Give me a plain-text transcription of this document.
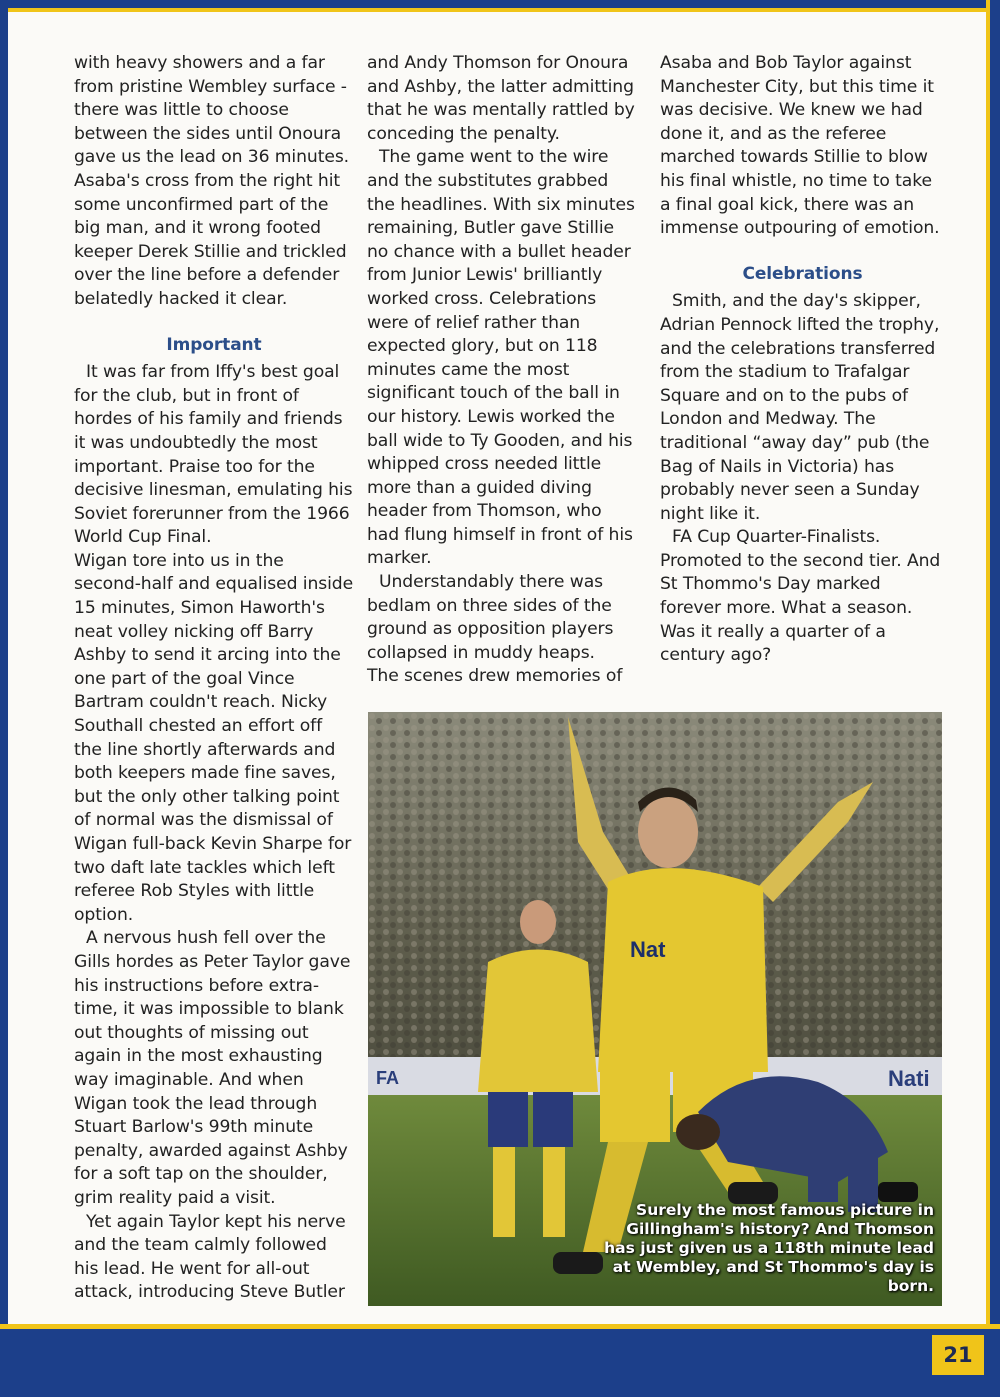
with heavy showers and a far from pristine Wembley surface - there was little to choose between the sides until Onoura gave us the lead on 36 minutes. Asaba's cross from the right hit some unconfirmed part of the big man, and it wrong footed keeper Derek Stillie and trickled over the line before a defender belatedly hacked it clear.

Important

It was far from Iffy's best goal for the club, but in front of hordes of his family and friends it was undoubtedly the most important. Praise too for the decisive linesman, emulating his Soviet forerunner from the 1966 World Cup Final.

Wigan tore into us in the second-half and equalised inside 15 minutes, Simon Haworth's neat volley nicking off Barry Ashby to send it arcing into the one part of the goal Vince Bartram couldn't reach. Nicky Southall chested an effort off the line shortly afterwards and both keepers made fine saves, but the only other talking point of normal was the dismissal of Wigan full-back Kevin Sharpe for two daft late tackles which left referee Rob Styles with little option.

A nervous hush fell over the Gills hordes as Peter Taylor gave his instructions before extra-time, it was impossible to blank out thoughts of missing out again in the most exhausting way imaginable. And when Wigan took the lead through Stuart Barlow's 99th minute penalty, awarded against Ashby for a soft tap on the shoulder, grim reality paid a visit.

Yet again Taylor kept his nerve and the team calmly followed his lead. He went for all-out attack, introducing Steve Butler

and Andy Thomson for Onoura and Ashby, the latter admitting that he was mentally rattled by conceding the penalty.

The game went to the wire and the substitutes grabbed the headlines. With six minutes remaining, Butler gave Stillie no chance with a bullet header from Junior Lewis' brilliantly worked cross. Celebrations were of relief rather than expected glory, but on 118 minutes came the most significant touch of the ball in our history. Lewis worked the ball wide to Ty Gooden, and his whipped cross needed little more than a guided diving header from Thomson, who had flung himself in front of his marker.

Understandably there was bedlam on three sides of the ground as opposition players collapsed in muddy heaps.

The scenes drew memories of

Asaba and Bob Taylor against Manchester City, but this time it was decisive. We knew we had done it, and as the referee marched towards Stillie to blow his final whistle, no time to take a final goal kick, there was an immense outpouring of emotion.

Celebrations

Smith, and the day's skipper, Adrian Pennock lifted the trophy, and the celebrations transferred from the stadium to Trafalgar Square and on to the pubs of London and Medway. The traditional “away day” pub (the Bag of Nails in Victoria) has probably never seen a Sunday night like it.

FA Cup Quarter-Finalists. Promoted to the second tier. And St Thommo's Day marked forever more. What a season. Was it really a quarter of a century ago?

FA	Nati
Nat
Surely the most famous picture in Gillingham's history? And Thomson has just given us a 118th minute lead at Wembley, and St Thommo's day is born.
21
